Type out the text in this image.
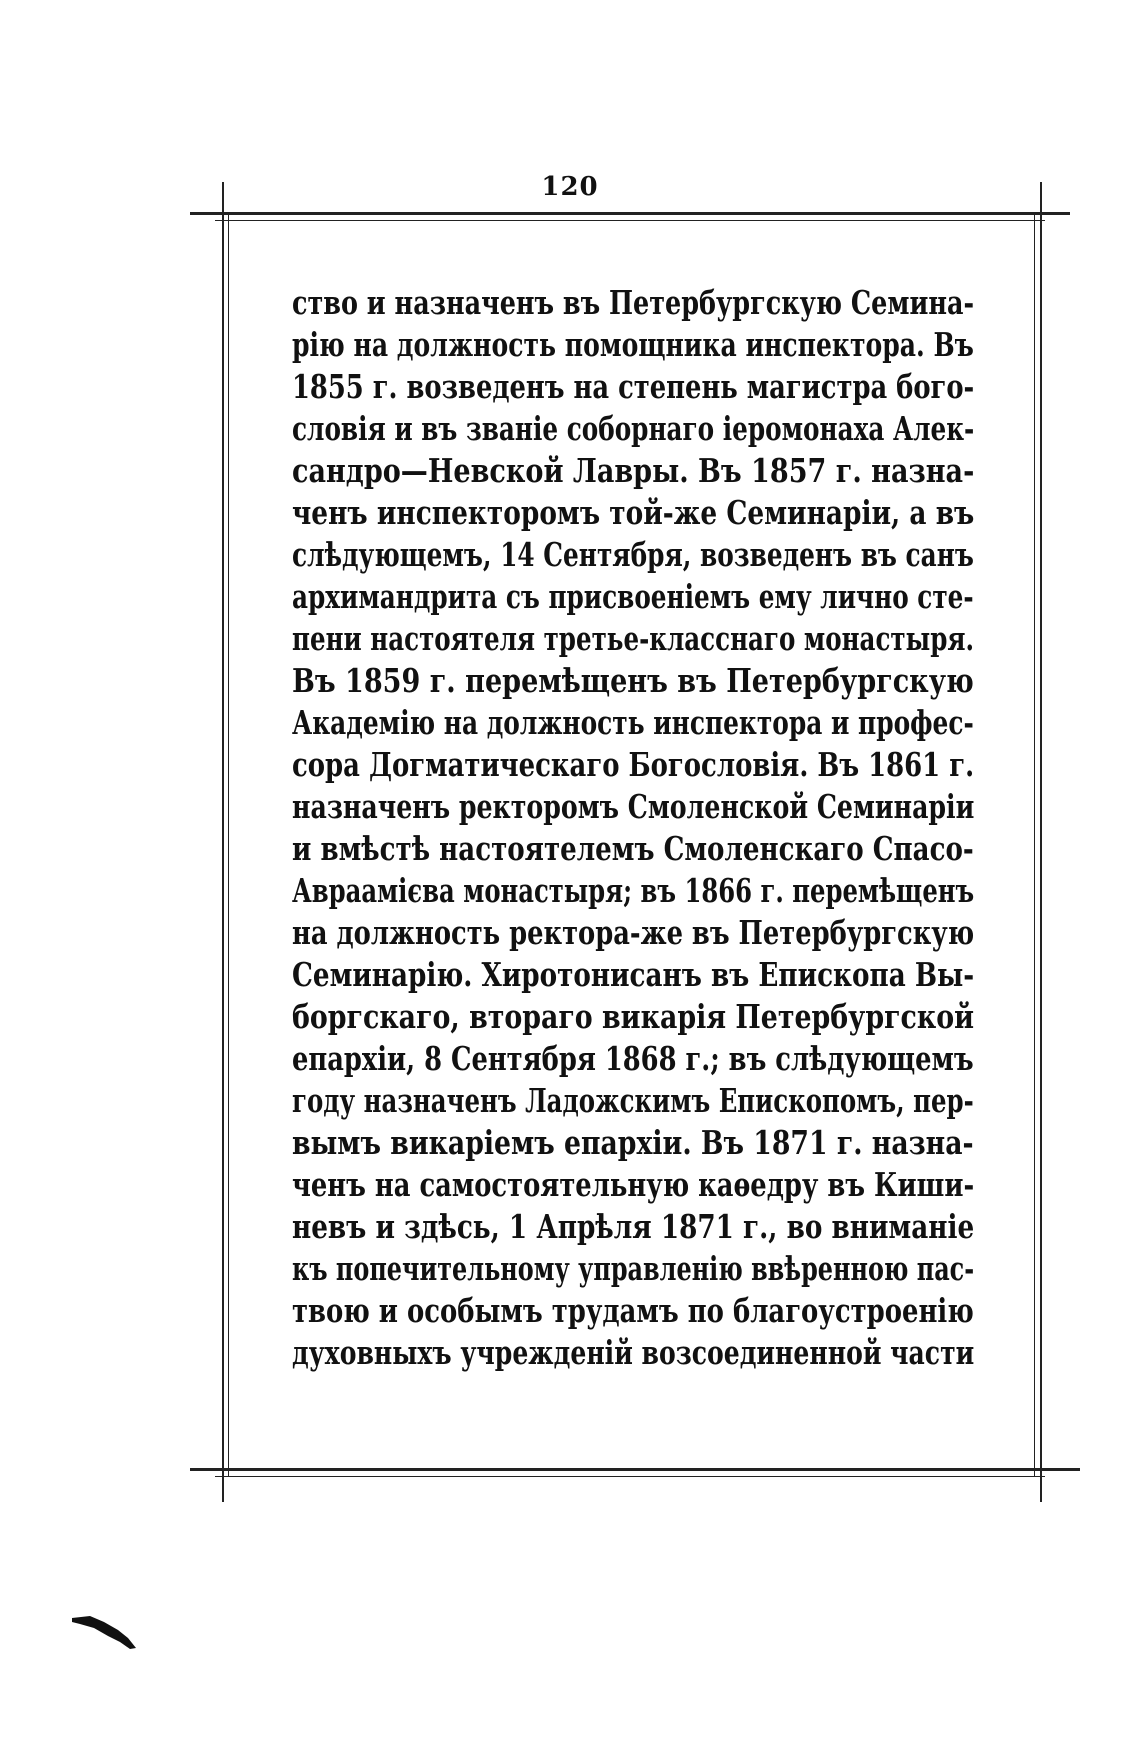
120
ство и назначенъ въ Петербургскую Семина-
рію на должность помощника инспектора. Въ
1855 г. возведенъ на степень магистра бого-
словія и въ званіе соборнаго іеромонаха Алек-
сандро—Невской Лавры. Въ 1857 г. назна-
ченъ инспекторомъ той-же Семинаріи, а въ
слѣдующемъ, 14 Сентября, возведенъ въ санъ
архимандрита съ присвоеніемъ ему лично сте-
пени настоятеля третье-класснаго монастыря.
Въ 1859 г. перемѣщенъ въ Петербургскую
Академію на должность инспектора и профес-
сора Догматическаго Богословія. Въ 1861 г.
назначенъ ректоромъ Смоленской Семинаріи
и вмѣстѣ настоятелемъ Смоленскаго Спасо-
Авраамієва монастыря; въ 1866 г. перемѣщенъ
на должность ректора-же въ Петербургскую
Семинарію. Хиротонисанъ въ Епископа Вы-
боргскаго, втораго викарія Петербургской
епархіи, 8 Сентября 1868 г.; въ слѣдующемъ
году назначенъ Ладожскимъ Епископомъ, пер-
вымъ викаріемъ епархіи. Въ 1871 г. назна-
ченъ на самостоятельную каѳедру въ Киши-
невъ и здѣсь, 1 Апрѣля 1871 г., во вниманіе
къ попечительному управленію ввѣренною пас-
твою и особымъ трудамъ по благоустроенію
духовныхъ учрежденій возсоединенной части
